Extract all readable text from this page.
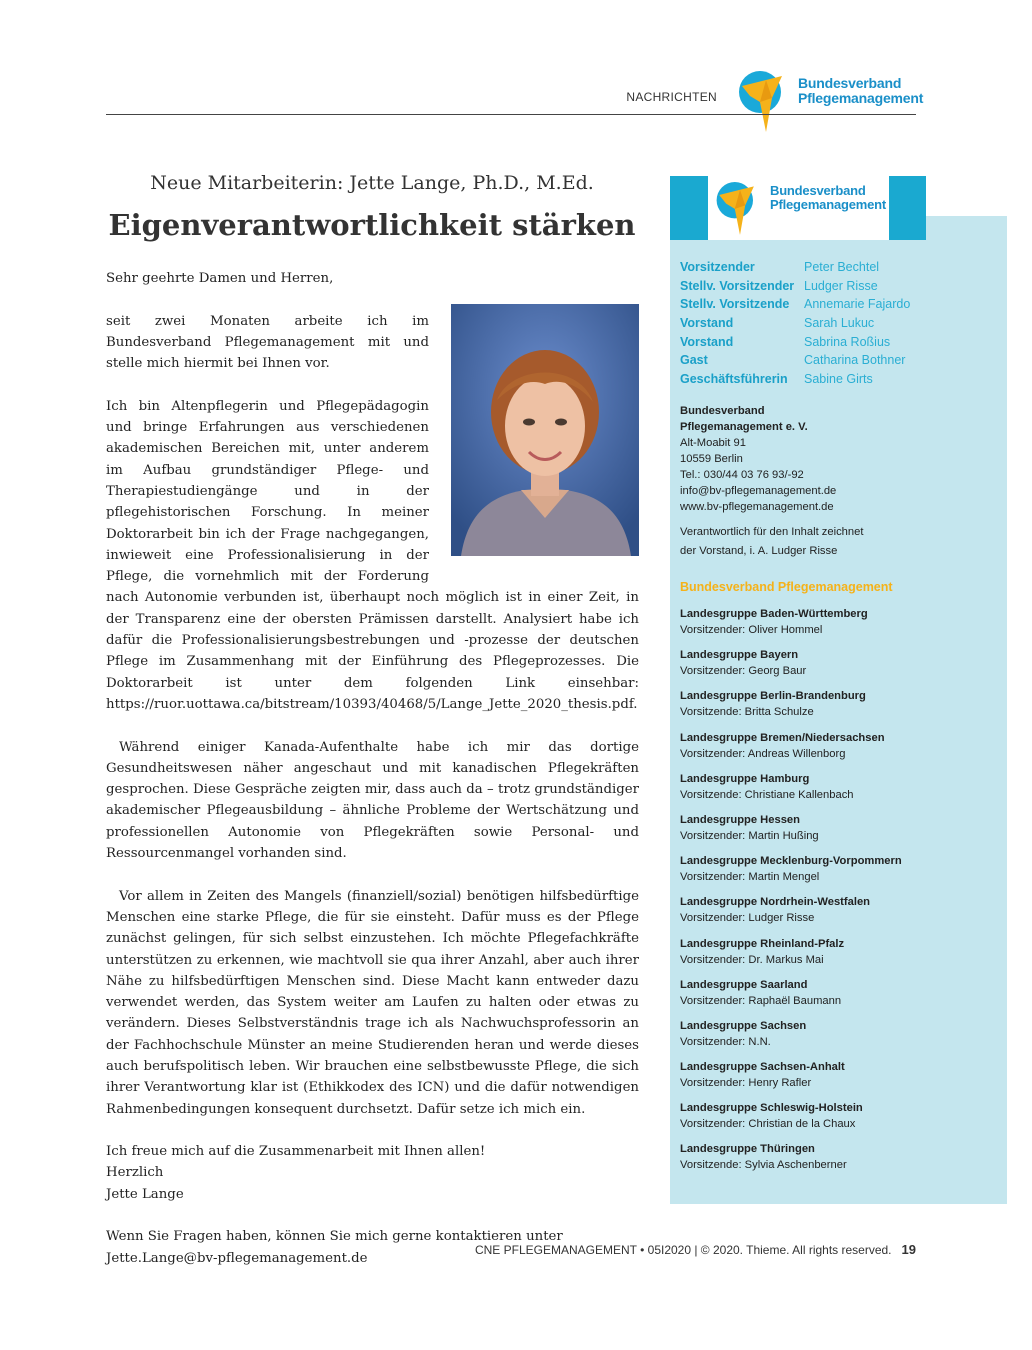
NACHRICHTEN
Bundesverband
Pflegemanagement
Neue Mitarbeiterin: Jette Lange, Ph.D., M.Ed.
Eigenverantwortlichkeit stärken

Sehr geehrte Damen und Herren,

seit zwei Monaten arbeite ich im Bundesverband Pflegemanagement mit und stelle mich hiermit bei Ihnen vor.

Ich bin Altenpflegerin und Pflegepädagogin und bringe Erfahrungen aus verschiedenen akademischen Bereichen mit, unter anderem im Aufbau grundständiger Pflege- und Therapiestudiengänge und in der pflegehistorischen Forschung. In meiner Doktorarbeit bin ich der Frage nachgegangen, inwieweit eine Professionalisierung in der Pflege, die vornehmlich mit der Forderung nach Autonomie verbunden ist, überhaupt noch möglich ist in einer Zeit, in der Transparenz eine der obersten Prämissen darstellt. Analysiert habe ich dafür die Professionalisierungsbestrebungen und -prozesse der deutschen Pflege im Zusammenhang mit der Einführung des Pflegeprozesses. Die Doktorarbeit ist unter dem folgenden Link einsehbar: https://ruor.uottawa.ca/bitstream/10393/40468/5/Lange_Jette_2020_thesis.pdf.

Während einiger Kanada-Aufenthalte habe ich mir das dortige Gesundheitswesen näher angeschaut und mit kanadischen Pflegekräften gesprochen. Diese Gespräche zeigten mir, dass auch da – trotz grundständiger akademischer Pflegeausbildung – ähnliche Probleme der Wertschätzung und professionellen Autonomie von Pflegekräften sowie Personal- und Ressourcenmangel vorhanden sind.

Vor allem in Zeiten des Mangels (finanziell/sozial) benötigen hilfsbedürftige Menschen eine starke Pflege, die für sie einsteht. Dafür muss es der Pflege zunächst gelingen, für sich selbst einzustehen. Ich möchte Pflegefachkräfte unterstützen zu erkennen, wie machtvoll sie qua ihrer Anzahl, aber auch ihrer Nähe zu hilfsbedürftigen Menschen sind. Diese Macht kann entweder dazu verwendet werden, das System weiter am Laufen zu halten oder etwas zu verändern. Dieses Selbstverständnis trage ich als Nachwuchsprofessorin an der Fachhochschule Münster an meine Studierenden heran und werde dieses auch berufspolitisch leben. Wir brauchen eine selbstbewusste Pflege, die sich ihrer Verantwortung klar ist (Ethikkodex des ICN) und die dafür notwendigen Rahmenbedingungen konsequent durchsetzt. Dafür setze ich mich ein.

Ich freue mich auf die Zusammenarbeit mit Ihnen allen!
Herzlich
Jette Lange

Wenn Sie Fragen haben, können Sie mich gerne kontaktieren unter
Jette.Lange@bv-pflegemanagement.de

Bundesverband
Pflegemanagement
Vorsitzender	Peter Bechtel
Stellv. Vorsitzender Ludger Risse
Stellv. Vorsitzende Annemarie Fajardo
Vorstand	Sarah Lukuc
Vorstand	Sabrina Roßius
Gast	Catharina Bothner
Geschäftsführerin Sabine Girts
Bundesverband
Pflegemanagement e. V.
Alt-Moabit 91
10559 Berlin
Tel.: 030/44 03 76 93/-92
info@bv-pflegemanagement.de
www.bv-pflegemanagement.de
Verantwortlich für den Inhalt zeichnet
der Vorstand, i. A. Ludger Risse
Bundesverband Pflegemanagement
Landesgruppe Baden-Württemberg
Vorsitzender: Oliver Hommel
Landesgruppe Bayern
Vorsitzender: Georg Baur
Landesgruppe Berlin-Brandenburg
Vorsitzende: Britta Schulze
Landesgruppe Bremen/Niedersachsen
Vorsitzender: Andreas Willenborg
Landesgruppe Hamburg
Vorsitzende: Christiane Kallenbach
Landesgruppe Hessen
Vorsitzender: Martin Hußing
Landesgruppe Mecklenburg-Vorpommern
Vorsitzender: Martin Mengel
Landesgruppe Nordrhein-Westfalen
Vorsitzender: Ludger Risse
Landesgruppe Rheinland-Pfalz
Vorsitzender: Dr. Markus Mai
Landesgruppe Saarland
Vorsitzender: Raphaël Baumann
Landesgruppe Sachsen
Vorsitzender: N.N.
Landesgruppe Sachsen-Anhalt
Vorsitzender: Henry Rafler
Landesgruppe Schleswig-Holstein
Vorsitzender: Christian de la Chaux
Landesgruppe Thüringen
Vorsitzende: Sylvia Aschenberner
CNE PFLEGEMANAGEMENT • 05I2020 | © 2020. Thieme. All rights reserved. 19
